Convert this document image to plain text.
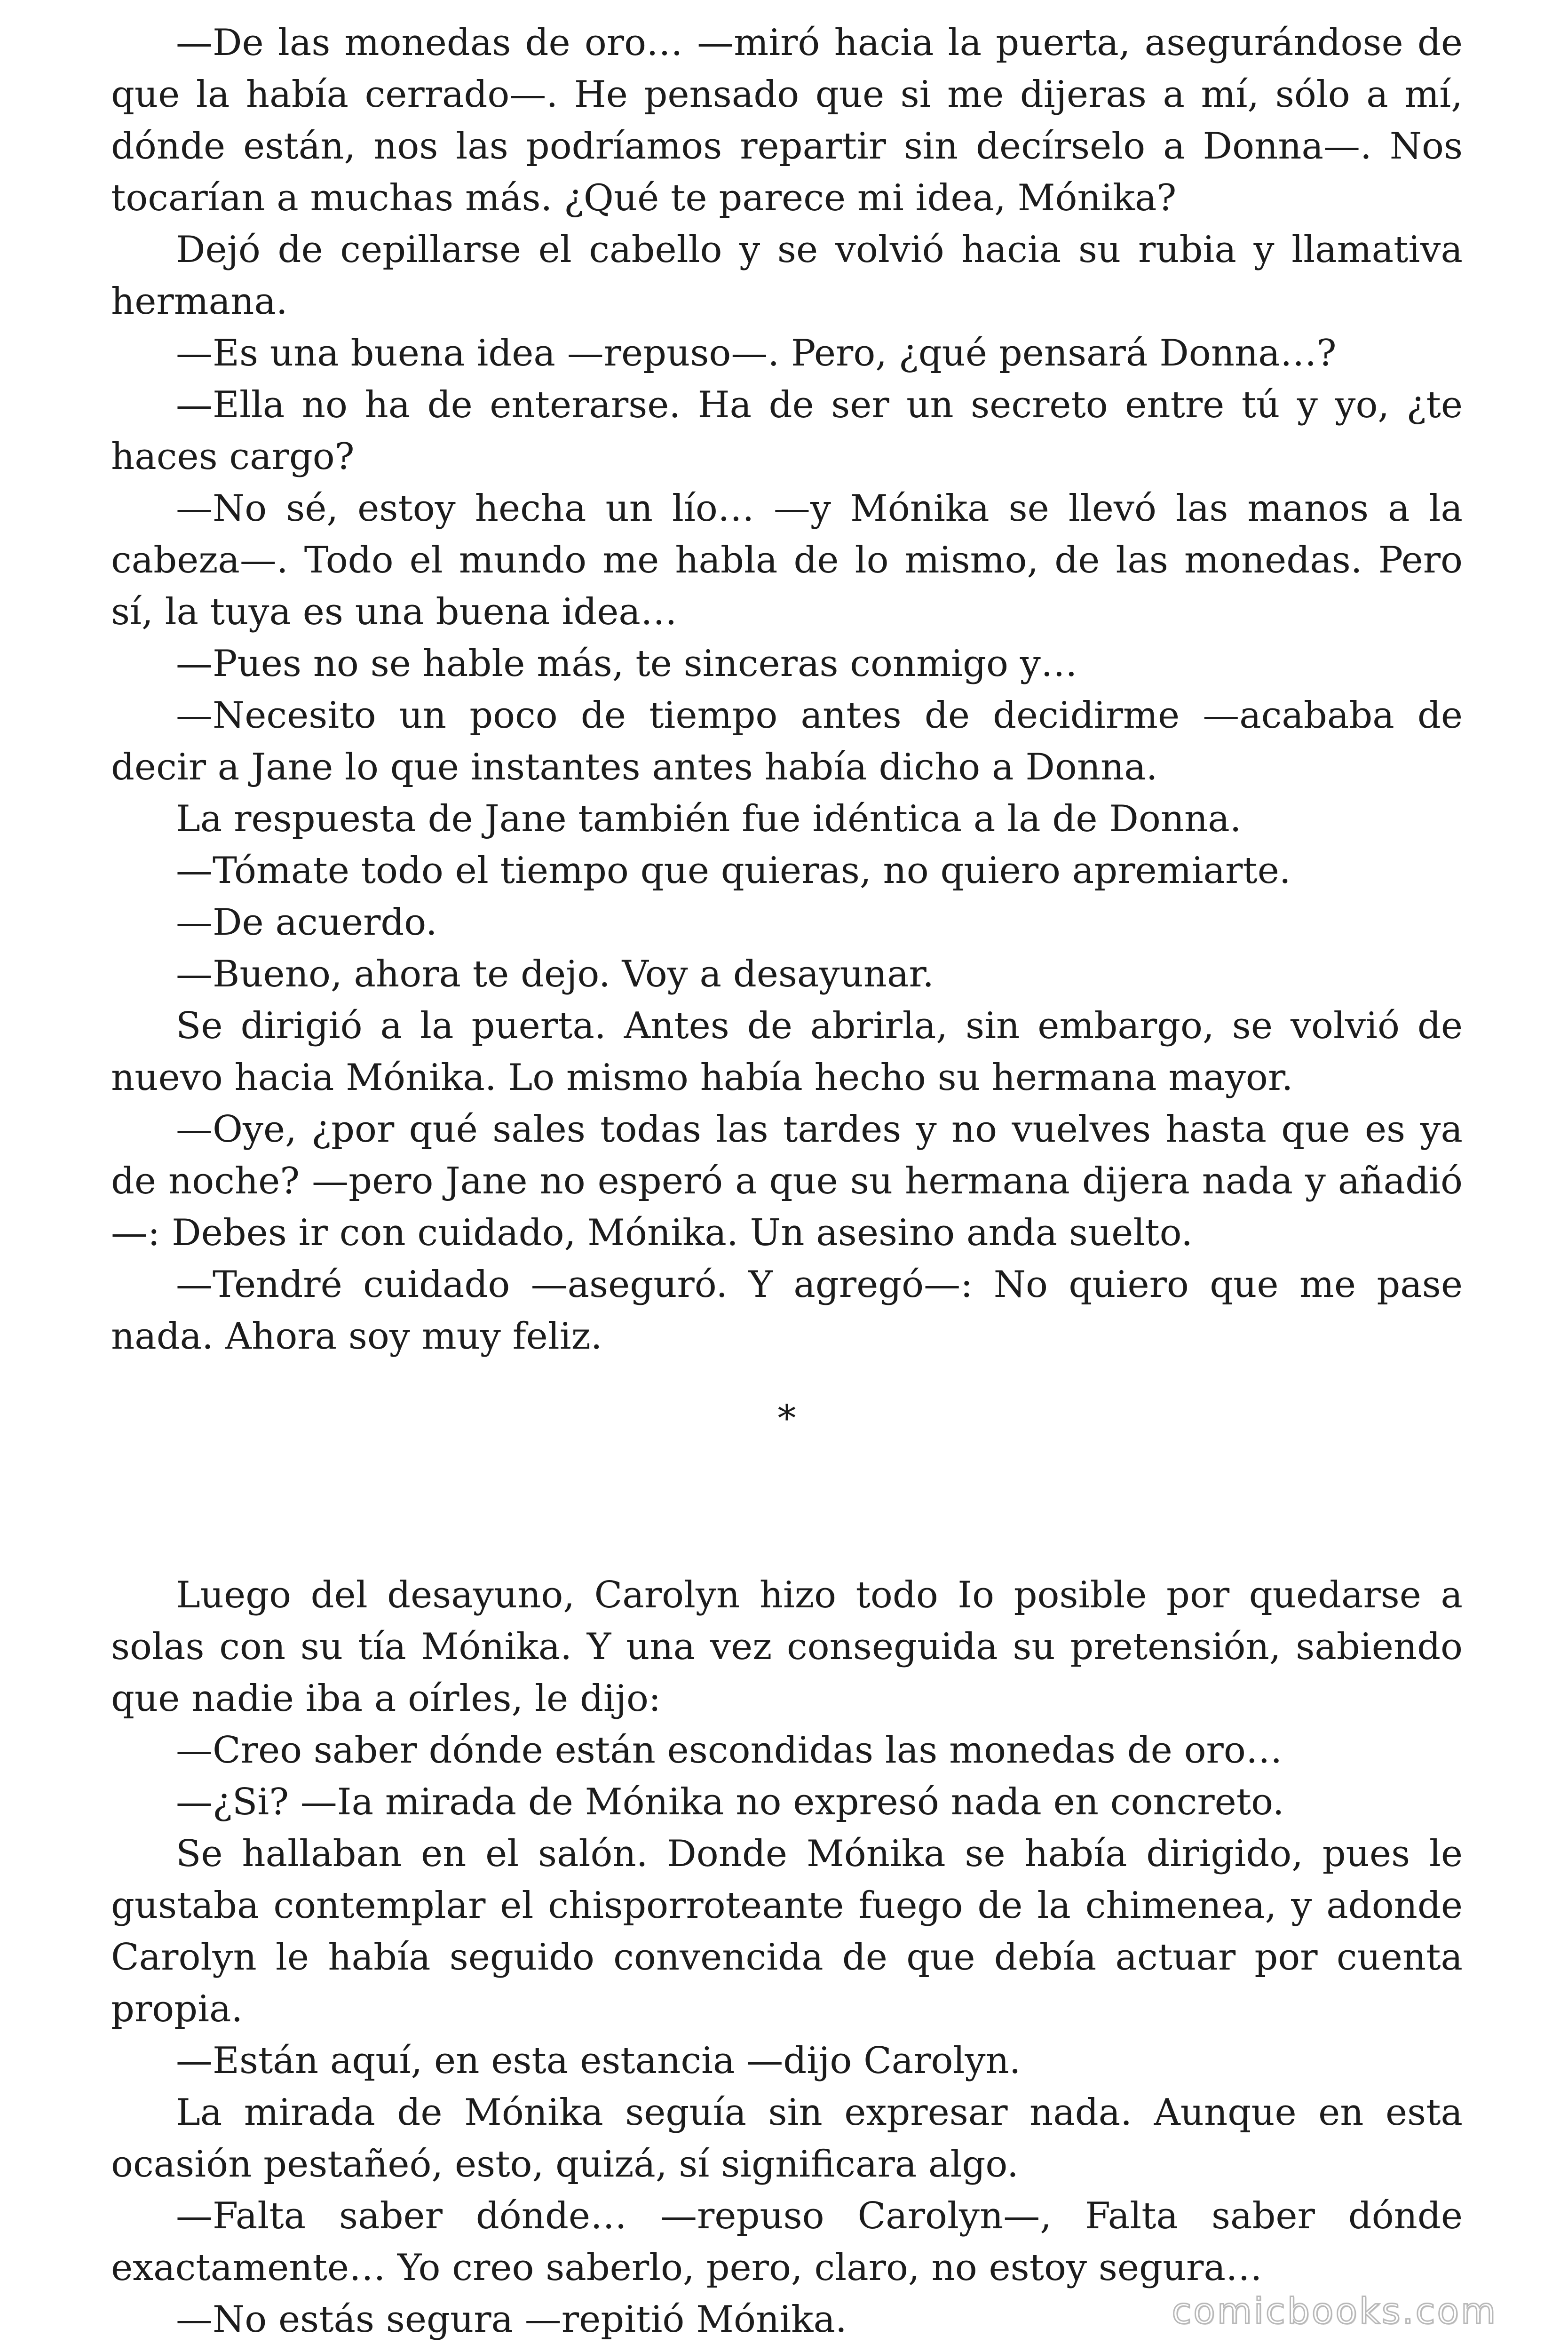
—De las monedas de oro… —miró hacia la puerta, asegurándose de que la había cerrado—. He pensado que si me dijeras a mí, sólo a mí, dónde están, nos las podríamos repartir sin decírselo a Donna—. Nos tocarían a muchas más. ¿Qué te parece mi idea, Mónika?

Dejó de cepillarse el cabello y se volvió hacia su rubia y llamativa hermana.

—Es una buena idea —repuso—. Pero, ¿qué pensará Donna…?

—Ella no ha de enterarse. Ha de ser un secreto entre tú y yo, ¿te haces cargo?

—No sé, estoy hecha un lío… —y Mónika se llevó las manos a la cabeza—. Todo el mundo me habla de lo mismo, de las monedas. Pero sí, la tuya es una buena idea…

—Pues no se hable más, te sinceras conmigo y…

—Necesito un poco de tiempo antes de decidirme —acababa de decir a Jane lo que instantes antes había dicho a Donna.

La respuesta de Jane también fue idéntica a la de Donna.

—Tómate todo el tiempo que quieras, no quiero apremiarte.

—De acuerdo.

—Bueno, ahora te dejo. Voy a desayunar.

Se dirigió a la puerta. Antes de abrirla, sin embargo, se volvió de nuevo hacia Mónika. Lo mismo había hecho su hermana mayor.

—Oye, ¿por qué sales todas las tardes y no vuelves hasta que es ya de noche? —pero Jane no esperó a que su hermana dijera nada y añadió—: Debes ir con cuidado, Mónika. Un asesino anda suelto.

—Tendré cuidado —aseguró. Y agregó—: No quiero que me pase nada. Ahora soy muy feliz.

*

Luego del desayuno, Carolyn hizo todo Io posible por quedarse a solas con su tía Mónika. Y una vez conseguida su pretensión, sabiendo que nadie iba a oírles, le dijo:

—Creo saber dónde están escondidas las monedas de oro…

—¿Si? —Ia mirada de Mónika no expresó nada en concreto.

Se hallaban en el salón. Donde Mónika se había dirigido, pues le gustaba contemplar el chisporroteante fuego de la chimenea, y adonde Carolyn le había seguido convencida de que debía actuar por cuenta propia.

—Están aquí, en esta estancia —dijo Carolyn.

La mirada de Mónika seguía sin expresar nada. Aunque en esta ocasión pestañeó, esto, quizá, sí significara algo.

—Falta saber dónde… —repuso Carolyn—, Falta saber dónde exactamente… Yo creo saberlo, pero, claro, no estoy segura…

—No estás segura —repitió Mónika.	comicbooks.com
